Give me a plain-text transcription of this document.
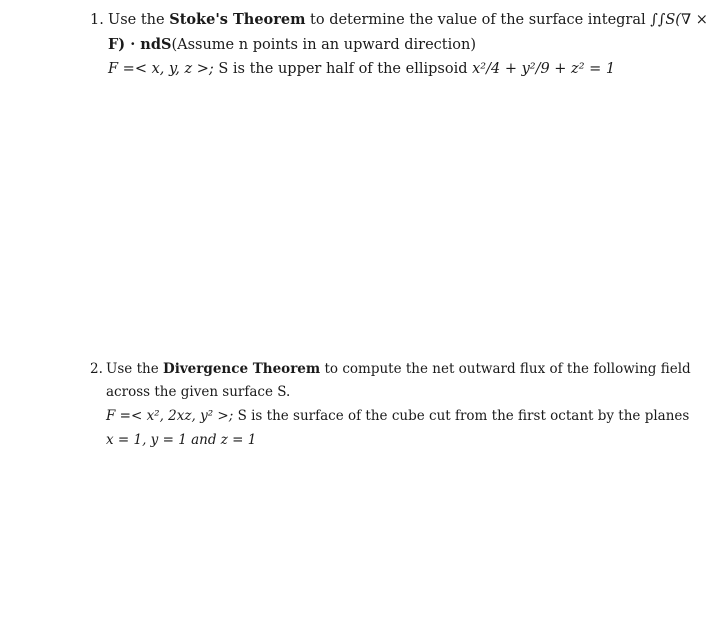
1. Use the Stoke's Theorem to determine the value of the surface integral ∫∫S(∇ ×
F) · ndS(Assume n points in an upward direction)
F =< x, y, z >; S is the upper half of the ellipsoid x²/4 + y²/9 + z² = 1
2. Use the Divergence Theorem to compute the net outward flux of the following field
across the given surface S.
F =< x², 2xz, y² >; S is the surface of the cube cut from the first octant by the planes
x = 1, y = 1 and z = 1
